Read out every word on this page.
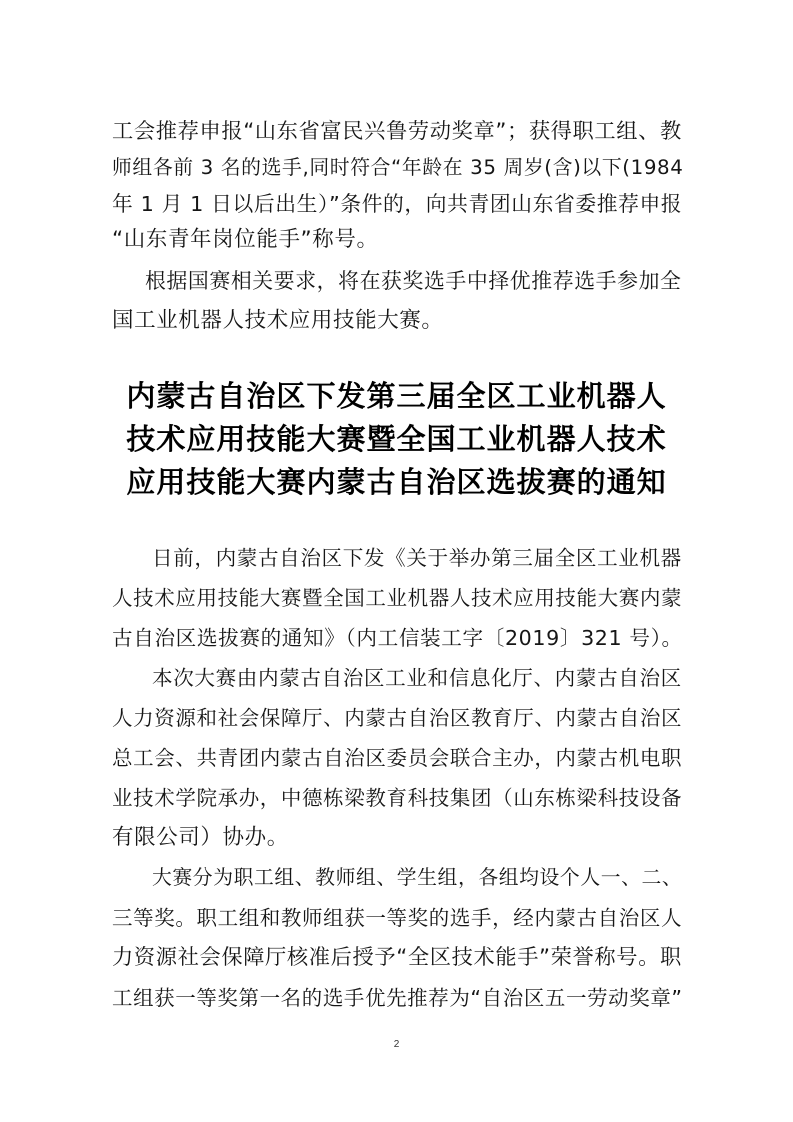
工会推荐申报“山东省富民兴鲁劳动奖章”；获得职工组、教
师组各前 3 名的选手,同时符合“年龄在 35 周岁(含)以下(1984
年 1 月 1 日以后出生）”条件的，向共青团山东省委推荐申报
“山东青年岗位能手”称号。
根据国赛相关要求，将在获奖选手中择优推荐选手参加全
国工业机器人技术应用技能大赛。
内蒙古自治区下发第三届全区工业机器人
技术应用技能大赛暨全国工业机器人技术
应用技能大赛内蒙古自治区选拔赛的通知
日前，内蒙古自治区下发《关于举办第三届全区工业机器
人技术应用技能大赛暨全国工业机器人技术应用技能大赛内蒙
古自治区选拔赛的通知》（内工信装工字〔2019〕321 号）。
本次大赛由内蒙古自治区工业和信息化厅、内蒙古自治区
人力资源和社会保障厅、内蒙古自治区教育厅、内蒙古自治区
总工会、共青团内蒙古自治区委员会联合主办，内蒙古机电职
业技术学院承办，中德栋梁教育科技集团（山东栋梁科技设备
有限公司）协办。
大赛分为职工组、教师组、学生组，各组均设个人一、二、
三等奖。职工组和教师组获一等奖的选手，经内蒙古自治区人
力资源社会保障厅核准后授予“全区技术能手”荣誉称号。职
工组获一等奖第一名的选手优先推荐为“自治区五一劳动奖章”
2
